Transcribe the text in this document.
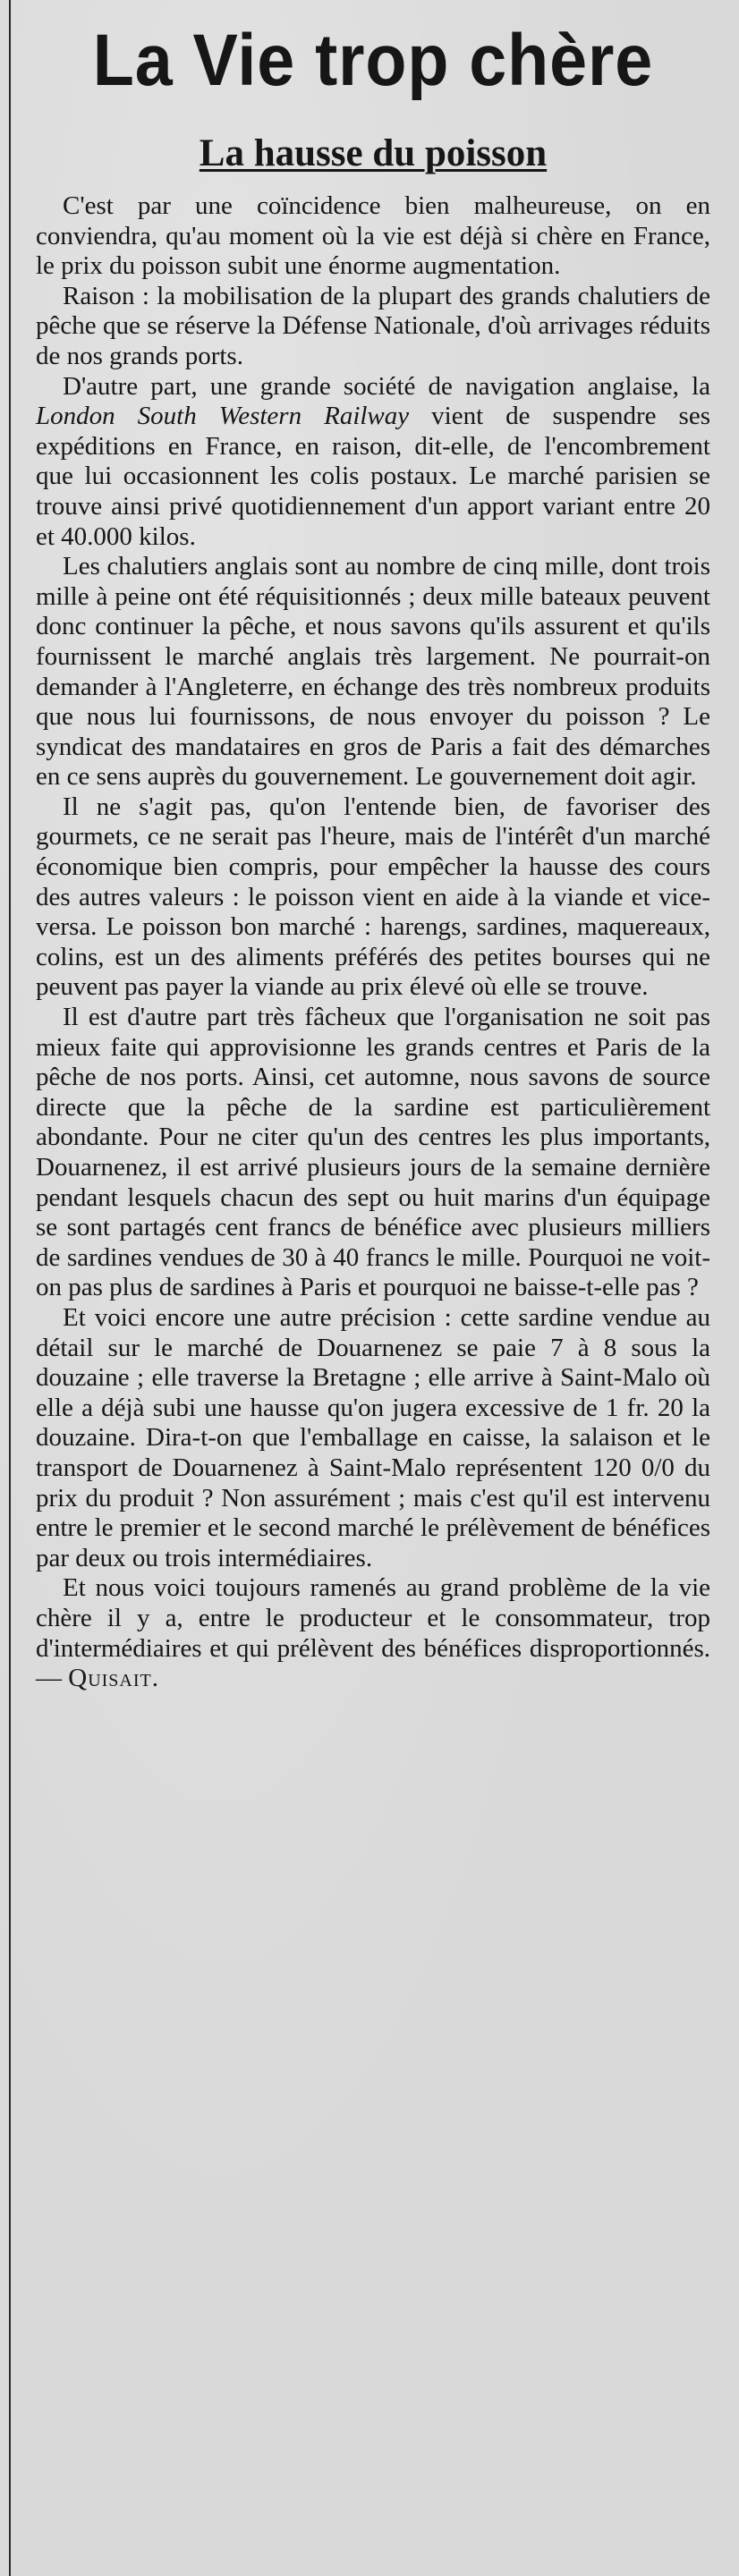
La Vie trop chère
La hausse du poisson

C'est par une coïncidence bien malheureuse, on en conviendra, qu'au moment où la vie est déjà si chère en France, le prix du poisson subit une énorme augmentation.

Raison : la mobilisation de la plupart des grands chalutiers de pêche que se réserve la Défense Nationale, d'où arrivages réduits de nos grands ports.

D'autre part, une grande société de navigation anglaise, la London South Western Railway vient de suspendre ses expéditions en France, en raison, dit-elle, de l'encombrement que lui occasionnent les colis postaux. Le marché parisien se trouve ainsi privé quotidiennement d'un apport variant entre 20 et 40.000 kilos.

Les chalutiers anglais sont au nombre de cinq mille, dont trois mille à peine ont été réquisitionnés ; deux mille bateaux peuvent donc continuer la pêche, et nous savons qu'ils assurent et qu'ils fournissent le marché anglais très largement. Ne pourrait-on demander à l'Angleterre, en échange des très nombreux produits que nous lui fournissons, de nous envoyer du poisson ? Le syndicat des mandataires en gros de Paris a fait des démarches en ce sens auprès du gouvernement. Le gouvernement doit agir.

Il ne s'agit pas, qu'on l'entende bien, de favoriser des gourmets, ce ne serait pas l'heure, mais de l'intérêt d'un marché économique bien compris, pour empêcher la hausse des cours des autres valeurs : le poisson vient en aide à la viande et vice-versa. Le poisson bon marché : harengs, sardines, maquereaux, colins, est un des aliments préférés des petites bourses qui ne peuvent pas payer la viande au prix élevé où elle se trouve.

Il est d'autre part très fâcheux que l'organisation ne soit pas mieux faite qui approvisionne les grands centres et Paris de la pêche de nos ports. Ainsi, cet automne, nous savons de source directe que la pêche de la sardine est particulièrement abondante. Pour ne citer qu'un des centres les plus importants, Douarnenez, il est arrivé plusieurs jours de la semaine dernière pendant lesquels chacun des sept ou huit marins d'un équipage se sont partagés cent francs de bénéfice avec plusieurs milliers de sardines vendues de 30 à 40 francs le mille. Pourquoi ne voit-on pas plus de sardines à Paris et pourquoi ne baisse-t-elle pas ?

Et voici encore une autre précision : cette sardine vendue au détail sur le marché de Douarnenez se paie 7 à 8 sous la douzaine ; elle traverse la Bretagne ; elle arrive à Saint-Malo où elle a déjà subi une hausse qu'on jugera excessive de 1 fr. 20 la douzaine. Dira-t-on que l'emballage en caisse, la salaison et le transport de Douarnenez à Saint-Malo représentent 120 0/0 du prix du produit ? Non assurément ; mais c'est qu'il est intervenu entre le premier et le second marché le prélèvement de bénéfices par deux ou trois intermédiaires.

Et nous voici toujours ramenés au grand problème de la vie chère il y a, entre le producteur et le consommateur, trop d'intermédiaires et qui prélèvent des bénéfices disproportionnés. — Quisait.
